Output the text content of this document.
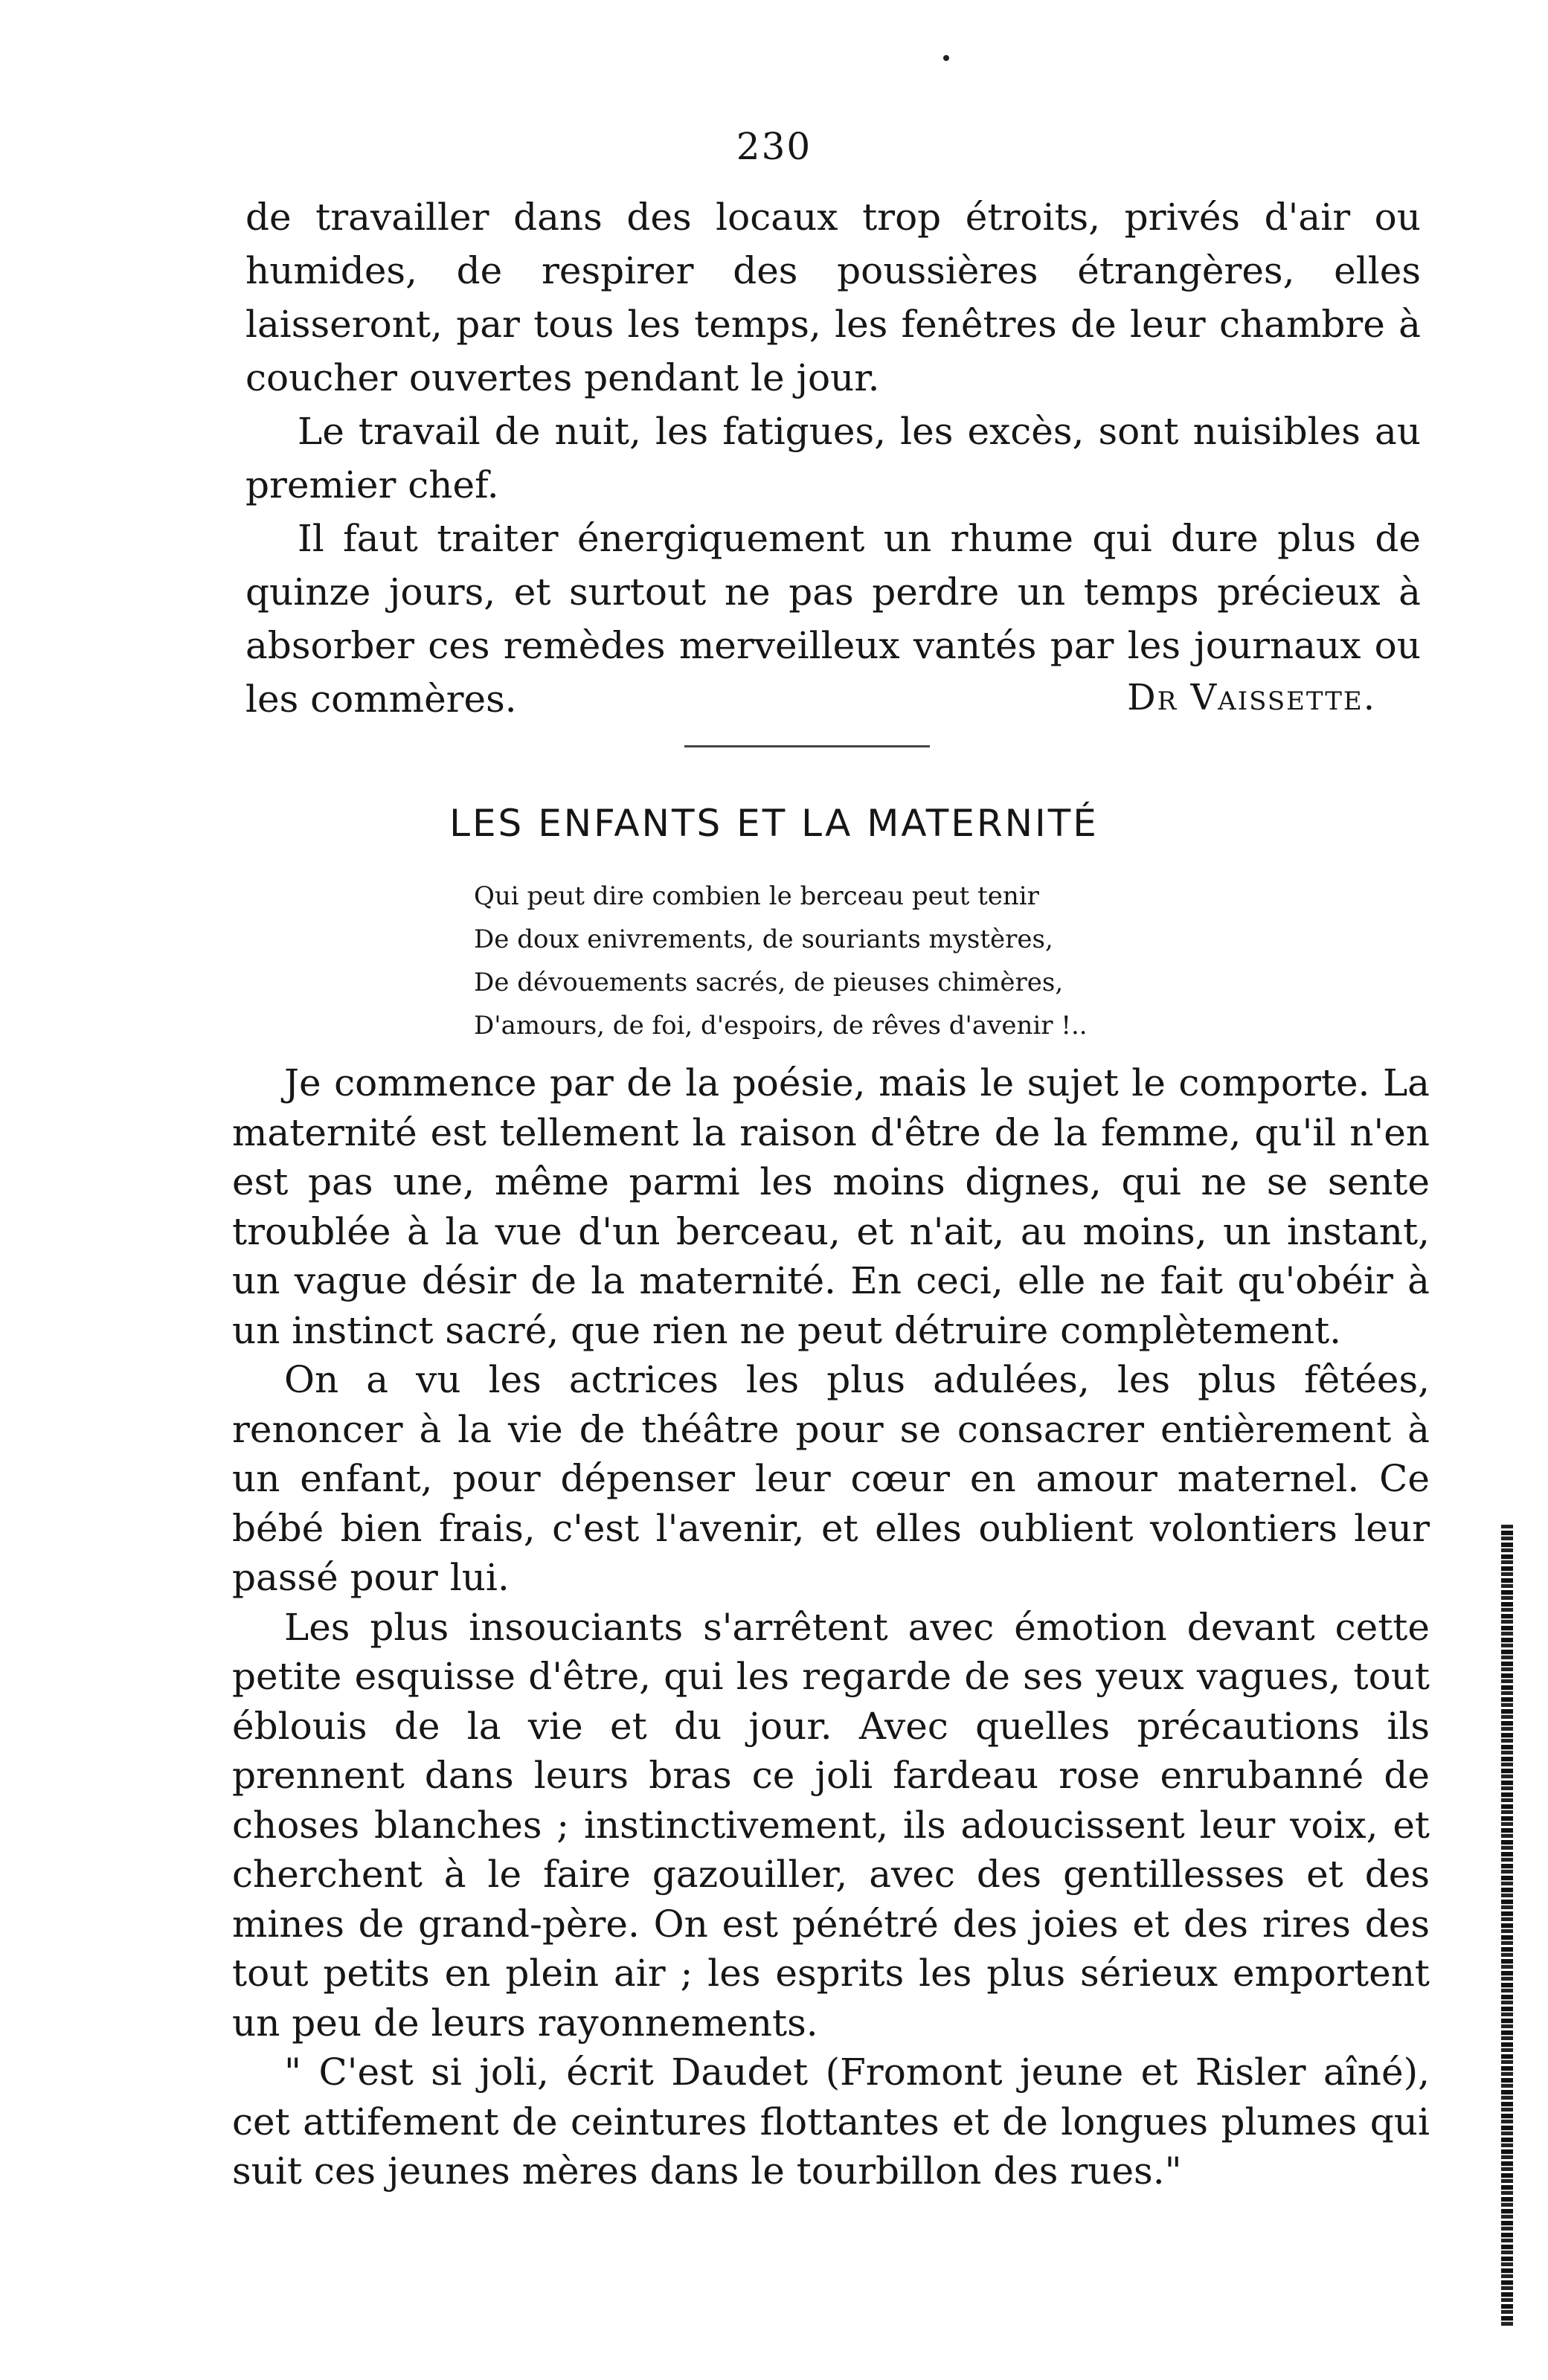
230

de travailler dans des locaux trop étroits, privés d'air ou humides, de respirer des poussières étrangères, elles laisseront, par tous les temps, les fenêtres de leur chambre à coucher ouvertes pendant le jour.

Le travail de nuit, les fatigues, les excès, sont nuisibles au premier chef.

Il faut traiter énergiquement un rhume qui dure plus de quinze jours, et surtout ne pas perdre un temps précieux à absorber ces remèdes merveilleux vantés par les journaux ou les commères.	Dr Vaissette.
LES ENFANTS ET LA MATERNITÉ
Qui peut dire combien le berceau peut tenir
De doux enivrements, de souriants mystères,
De dévouements sacrés, de pieuses chimères,
D'amours, de foi, d'espoirs, de rêves d'avenir !..

Je commence par de la poésie, mais le sujet le comporte. La maternité est tellement la raison d'être de la femme, qu'il n'en est pas une, même parmi les moins dignes, qui ne se sente troublée à la vue d'un berceau, et n'ait, au moins, un instant, un vague désir de la maternité. En ceci, elle ne fait qu'obéir à un instinct sacré, que rien ne peut détruire complètement.

On a vu les actrices les plus adulées, les plus fêtées, renoncer à la vie de théâtre pour se consacrer entièrement à un enfant, pour dépenser leur cœur en amour maternel. Ce bébé bien frais, c'est l'avenir, et elles oublient volontiers leur passé pour lui.

Les plus insouciants s'arrêtent avec émotion devant cette petite esquisse d'être, qui les regarde de ses yeux vagues, tout éblouis de la vie et du jour. Avec quelles précautions ils prennent dans leurs bras ce joli fardeau rose enrubanné de choses blanches ; instinctivement, ils adoucissent leur voix, et cherchent à le faire gazouiller, avec des gentillesses et des mines de grand-père. On est pénétré des joies et des rires des tout petits en plein air ; les esprits les plus sérieux emportent un peu de leurs rayonnements.

" C'est si joli, écrit Daudet (Fromont jeune et Risler aîné), cet attifement de ceintures flottantes et de longues plumes qui suit ces jeunes mères dans le tourbillon des rues."
